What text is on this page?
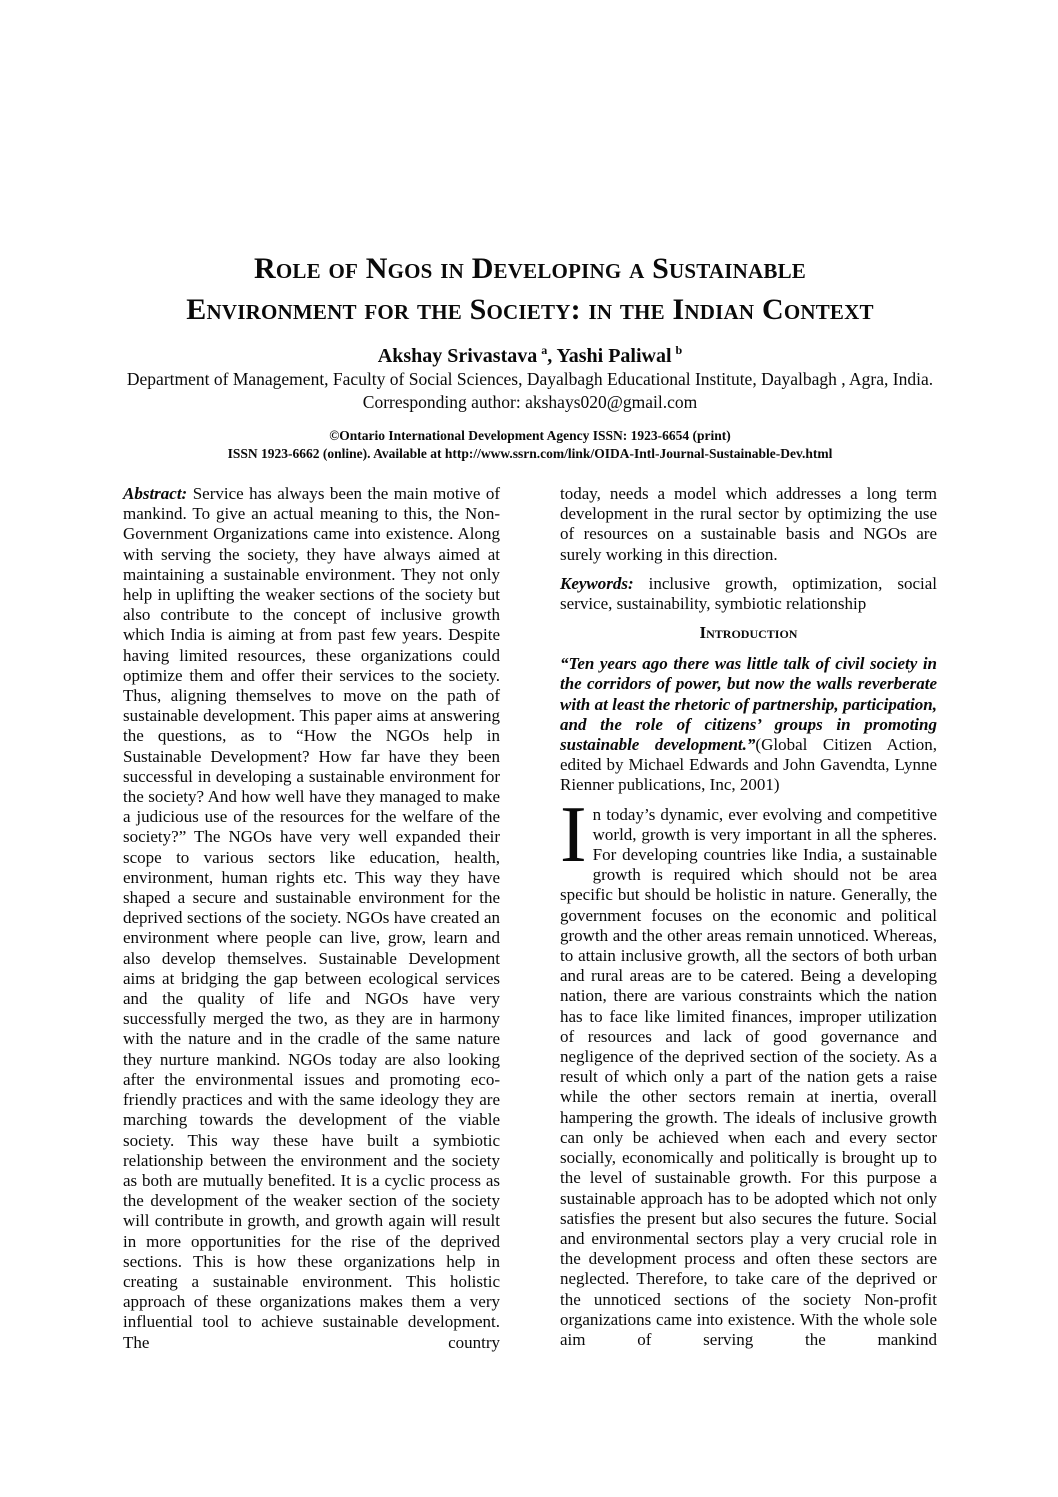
Role of Ngos in Developing a Sustainable
Environment for the Society: in the Indian Context
Akshay Srivastava $^a$, Yashi Paliwal $^b$
Department of Management, Faculty of Social Sciences, Dayalbagh Educational Institute, Dayalbagh , Agra, India.
Corresponding author: akshays020@gmail.com
©Ontario International Development Agency ISSN: 1923-6654 (print)
ISSN 1923-6662 (online). Available at http://www.ssrn.com/link/OIDA-Intl-Journal-Sustainable-Dev.html

Abstract: Service has always been the main motive of mankind. To give an actual meaning to this, the Non-Government Organizations came into existence. Along with serving the society, they have always aimed at maintaining a sustainable environment. They not only help in uplifting the weaker sections of the society but also contribute to the concept of inclusive growth which India is aiming at from past few years. Despite having limited resources, these organizations could optimize them and offer their services to the society. Thus, aligning themselves to move on the path of sustainable development. This paper aims at answering the questions, as to “How the NGOs help in Sustainable Development? How far have they been successful in developing a sustainable environment for the society? And how well have they managed to make a judicious use of the resources for the welfare of the society?” The NGOs have very well expanded their scope to various sectors like education, health, environment, human rights etc. This way they have shaped a secure and sustainable environment for the deprived sections of the society. NGOs have created an environment where people can live, grow, learn and also develop themselves. Sustainable Development aims at bridging the gap between ecological services and the quality of life and NGOs have very successfully merged the two, as they are in harmony with the nature and in the cradle of the same nature they nurture mankind. NGOs today are also looking after the environmental issues and promoting eco-friendly practices and with the same ideology they are marching towards the development of the viable society. This way these have built a symbiotic relationship between the environment and the society as both are mutually benefited. It is a cyclic process as the development of the weaker section of the society will contribute in growth, and growth again will result in more opportunities for the rise of the deprived sections. This is how these organizations help in creating a sustainable environment. This holistic approach of these organizations makes them a very influential tool to achieve sustainable development. The country

today, needs a model which addresses a long term development in the rural sector by optimizing the use of resources on a sustainable basis and NGOs are surely working in this direction.

Keywords: inclusive growth, optimization, social service, sustainability, symbiotic relationship

Introduction

“Ten years ago there was little talk of civil society in the corridors of power, but now the walls reverberate with at least the rhetoric of partnership, participation, and the role of citizens’ groups in promoting sustainable development.”(Global Citizen Action, edited by Michael Edwards and John Gavendta, Lynne Rienner publications, Inc, 2001)

In today’s dynamic, ever evolving and competitive world, growth is very important in all the spheres. For developing countries like India, a sustainable growth is required which should not be area specific but should be holistic in nature. Generally, the government focuses on the economic and political growth and the other areas remain unnoticed. Whereas, to attain inclusive growth, all the sectors of both urban and rural areas are to be catered. Being a developing nation, there are various constraints which the nation has to face like limited finances, improper utilization of resources and lack of good governance and negligence of the deprived section of the society. As a result of which only a part of the nation gets a raise while the other sectors remain at inertia, overall hampering the growth. The ideals of inclusive growth can only be achieved when each and every sector socially, economically and politically is brought up to the level of sustainable growth. For this purpose a sustainable approach has to be adopted which not only satisfies the present but also secures the future. Social and environmental sectors play a very crucial role in the development process and often these sectors are neglected. Therefore, to take care of the deprived or the unnoticed sections of the society Non-profit organizations came into existence. With the whole sole aim of serving the mankind
